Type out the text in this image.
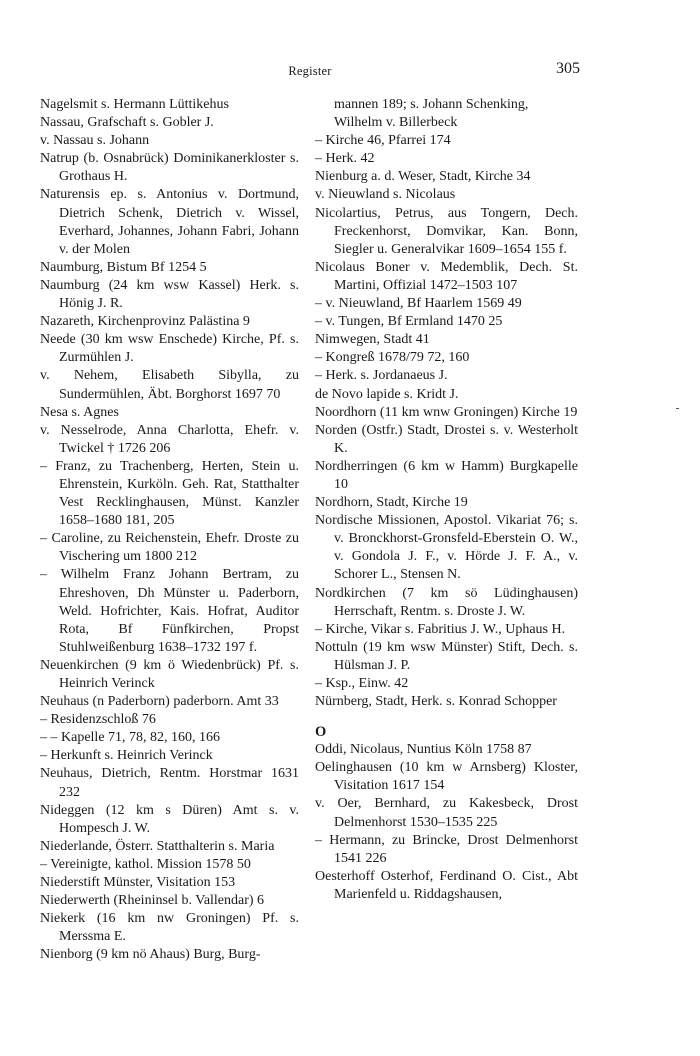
Register	305
Nagelsmit s. Hermann Lüttikehus
Nassau, Grafschaft s. Gobler J.
v. Nassau s. Johann
Natrup (b. Osnabrück) Dominikanerkloster s. Grothaus H.
Naturensis ep. s. Antonius v. Dortmund, Dietrich Schenk, Dietrich v. Wissel, Everhard, Johannes, Johann Fabri, Johann v. der Molen
Naumburg, Bistum Bf 1254 5
Naumburg (24 km wsw Kassel) Herk. s. Hönig J. R.
Nazareth, Kirchenprovinz Palästina 9
Neede (30 km wsw Enschede) Kirche, Pf. s. Zurmühlen J.
v. Nehem, Elisabeth Sibylla, zu Sundermühlen, Äbt. Borghorst 1697 70
Nesa s. Agnes
v. Nesselrode, Anna Charlotta, Ehefr. v. Twickel † 1726 206
– Franz, zu Trachenberg, Herten, Stein u. Ehrenstein, Kurköln. Geh. Rat, Statthalter Vest Recklinghausen, Münst. Kanzler 1658–1680 181, 205
– Caroline, zu Reichenstein, Ehefr. Droste zu Vischering um 1800 212
– Wilhelm Franz Johann Bertram, zu Ehreshoven, Dh Münster u. Paderborn, Weld. Hofrichter, Kais. Hofrat, Auditor Rota, Bf Fünfkirchen, Propst Stuhlweißenburg 1638–1732 197 f.
Neuenkirchen (9 km ö Wiedenbrück) Pf. s. Heinrich Verinck
Neuhaus (n Paderborn) paderborn. Amt 33
– Residenzschloß 76
– – Kapelle 71, 78, 82, 160, 166
– Herkunft s. Heinrich Verinck
Neuhaus, Dietrich, Rentm. Horstmar 1631 232
Nideggen (12 km s Düren) Amt s. v. Hompesch J. W.
Niederlande, Österr. Statthalterin s. Maria
– Vereinigte, kathol. Mission 1578 50
Niederstift Münster, Visitation 153
Niederwerth (Rheininsel b. Vallendar) 6
Niekerk (16 km nw Groningen) Pf. s. Merssma E.
Nienborg (9 km nö Ahaus) Burg, Burg-
mannen 189; s. Johann Schenking, Wilhelm v. Billerbeck
– Kirche 46, Pfarrei 174
– Herk. 42
Nienburg a. d. Weser, Stadt, Kirche 34
v. Nieuwland s. Nicolaus
Nicolartius, Petrus, aus Tongern, Dech. Freckenhorst, Domvikar, Kan. Bonn, Siegler u. Generalvikar 1609–1654 155 f.
Nicolaus Boner v. Medemblik, Dech. St. Martini, Offizial 1472–1503 107
– v. Nieuwland, Bf Haarlem 1569 49
– v. Tungen, Bf Ermland 1470 25
Nimwegen, Stadt 41
– Kongreß 1678/79 72, 160
– Herk. s. Jordanaeus J.
de Novo lapide s. Kridt J.
Noordhorn (11 km wnw Groningen) Kirche 19
Norden (Ostfr.) Stadt, Drostei s. v. Westerholt K.
Nordherringen (6 km w Hamm) Burgkapelle 10
Nordhorn, Stadt, Kirche 19
Nordische Missionen, Apostol. Vikariat 76; s. v. Bronckhorst-Gronsfeld-Eberstein O. W., v. Gondola J. F., v. Hörde J. F. A., v. Schorer L., Stensen N.
Nordkirchen (7 km sö Lüdinghausen) Herrschaft, Rentm. s. Droste J. W.
– Kirche, Vikar s. Fabritius J. W., Uphaus H.
Nottuln (19 km wsw Münster) Stift, Dech. s. Hülsman J. P.
– Ksp., Einw. 42
Nürnberg, Stadt, Herk. s. Konrad Schopper
O
Oddi, Nicolaus, Nuntius Köln 1758 87
Oelinghausen (10 km w Arnsberg) Kloster, Visitation 1617 154
v. Oer, Bernhard, zu Kakesbeck, Drost Delmenhorst 1530–1535 225
– Hermann, zu Brincke, Drost Delmenhorst 1541 226
Oesterhoff Osterhof, Ferdinand O. Cist., Abt Marienfeld u. Riddagshausen,
